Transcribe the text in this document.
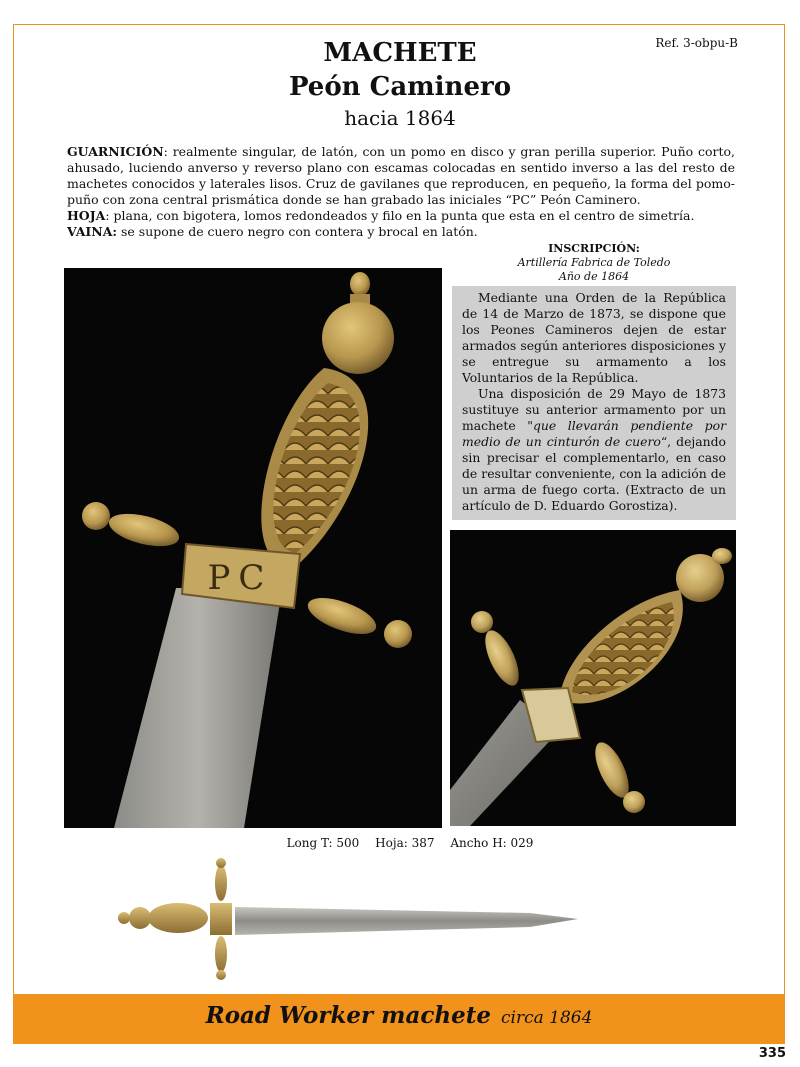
Ref. 3-obpu-B
MACHETE
Peón Caminero
hacia 1864

GUARNICIÓN: realmente singular, de latón, con un pomo en disco y gran perilla superior. Puño corto, ahusado, luciendo anverso y reverso plano con escamas colocadas en sentido inverso a las del resto de machetes conocidos y laterales lisos. Cruz de gavilanes que reproducen, en pequeño, la forma del pomo-puño con zona central prismática donde se han grabado las iniciales “PC” Peón Caminero.

HOJA: plana, con bigotera, lomos redondeados y filo en la punta que esta en el centro de simetría.

VAINA: se supone de cuero negro con contera y brocal en latón.

INSCRIPCIÓN:
Artillería Fabrica de Toledo
Año de 1864
PC

Mediante una Orden de la República de 14 de Marzo de 1873, se dispone que los Peones Camineros dejen de estar armados según anteriores disposiciones y se entregue su armamento a los Voluntarios de la República.

Una disposición de 29 Mayo de 1873 sustituye su anterior armamento por un machete "que llevarán pendiente por medio de un cinturón de cuero“, dejando sin precisar el complementarlo, en caso de resultar conveniente, con la adición de un arma de fuego corta. (Extracto de un artículo de D. Eduardo Gorostiza).

Long T: 500 Hoja: 387 Ancho H: 029
Road Worker machete circa 1864
335
